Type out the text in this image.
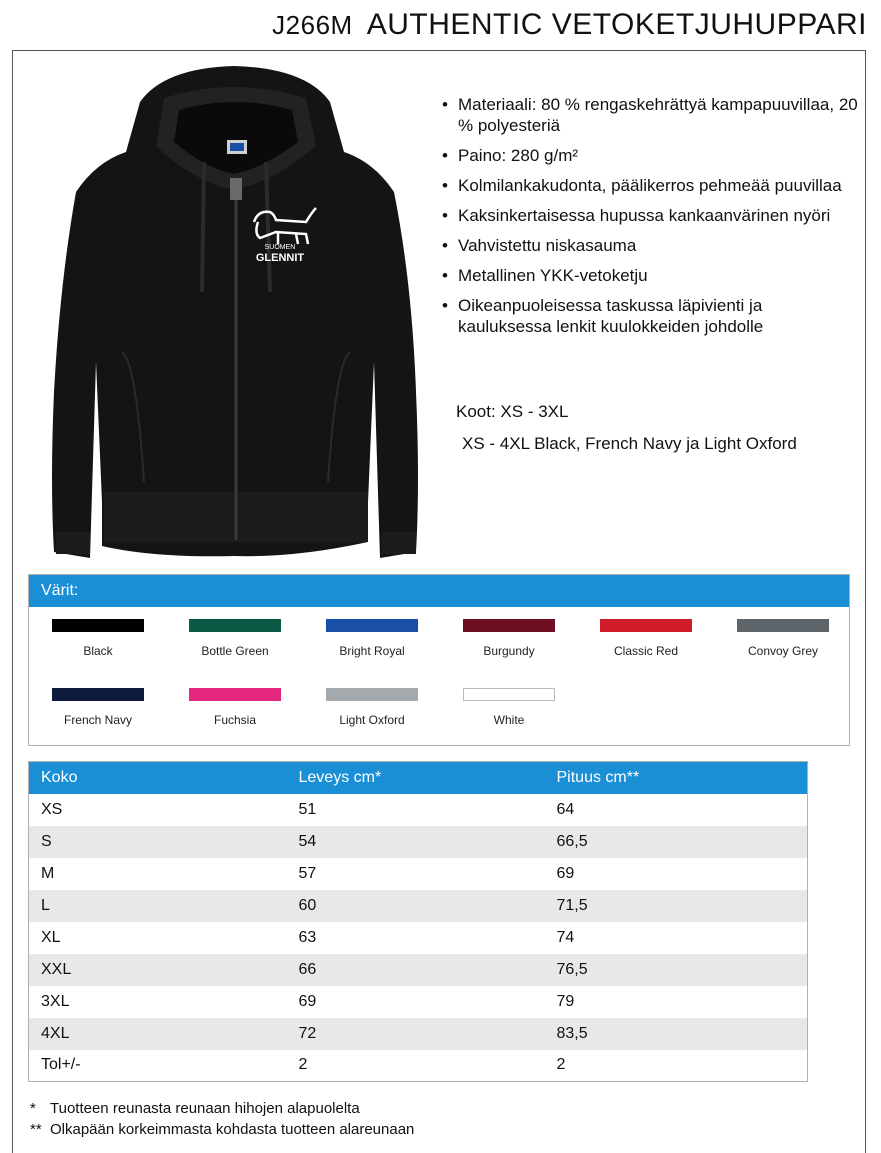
J266M AUTHENTIC VETOKETJUHUPPARI
SUOMEN
GLENNIT
• Materiaali: 80 % rengaskehrättyä kampapuuvillaa, 20 % polyesteriä
• Paino: 280 g/m²
• Kolmilankakudonta, päälikerros pehmeää puuvillaa
• Kaksinkertaisessa hupussa kankaanvärinen nyöri
• Vahvistettu niskasauma
• Metallinen YKK-vetoketju
• Oikeanpuoleisessa taskussa läpivienti ja kauluksessa lenkit kuulokkeiden johdolle
Koot: XS - 3XL
XS - 4XL Black, French Navy ja Light Oxford
Värit:
Black	Bottle Green	Bright Royal	Burgundy	Classic Red	Convoy Grey
French Navy	Fuchsia	Light Oxford	White
Koko	Leveys cm*	Pituus cm**
XS	51	64
S	54	66,5
M	57	69
L	60	71,5
XL	63	74
XXL	66	76,5
3XL	69	79
4XL	72	83,5
Tol+/-	2	2
* Tuotteen reunasta reunaan hihojen alapuolelta
** Olkapään korkeimmasta kohdasta tuotteen alareunaan
